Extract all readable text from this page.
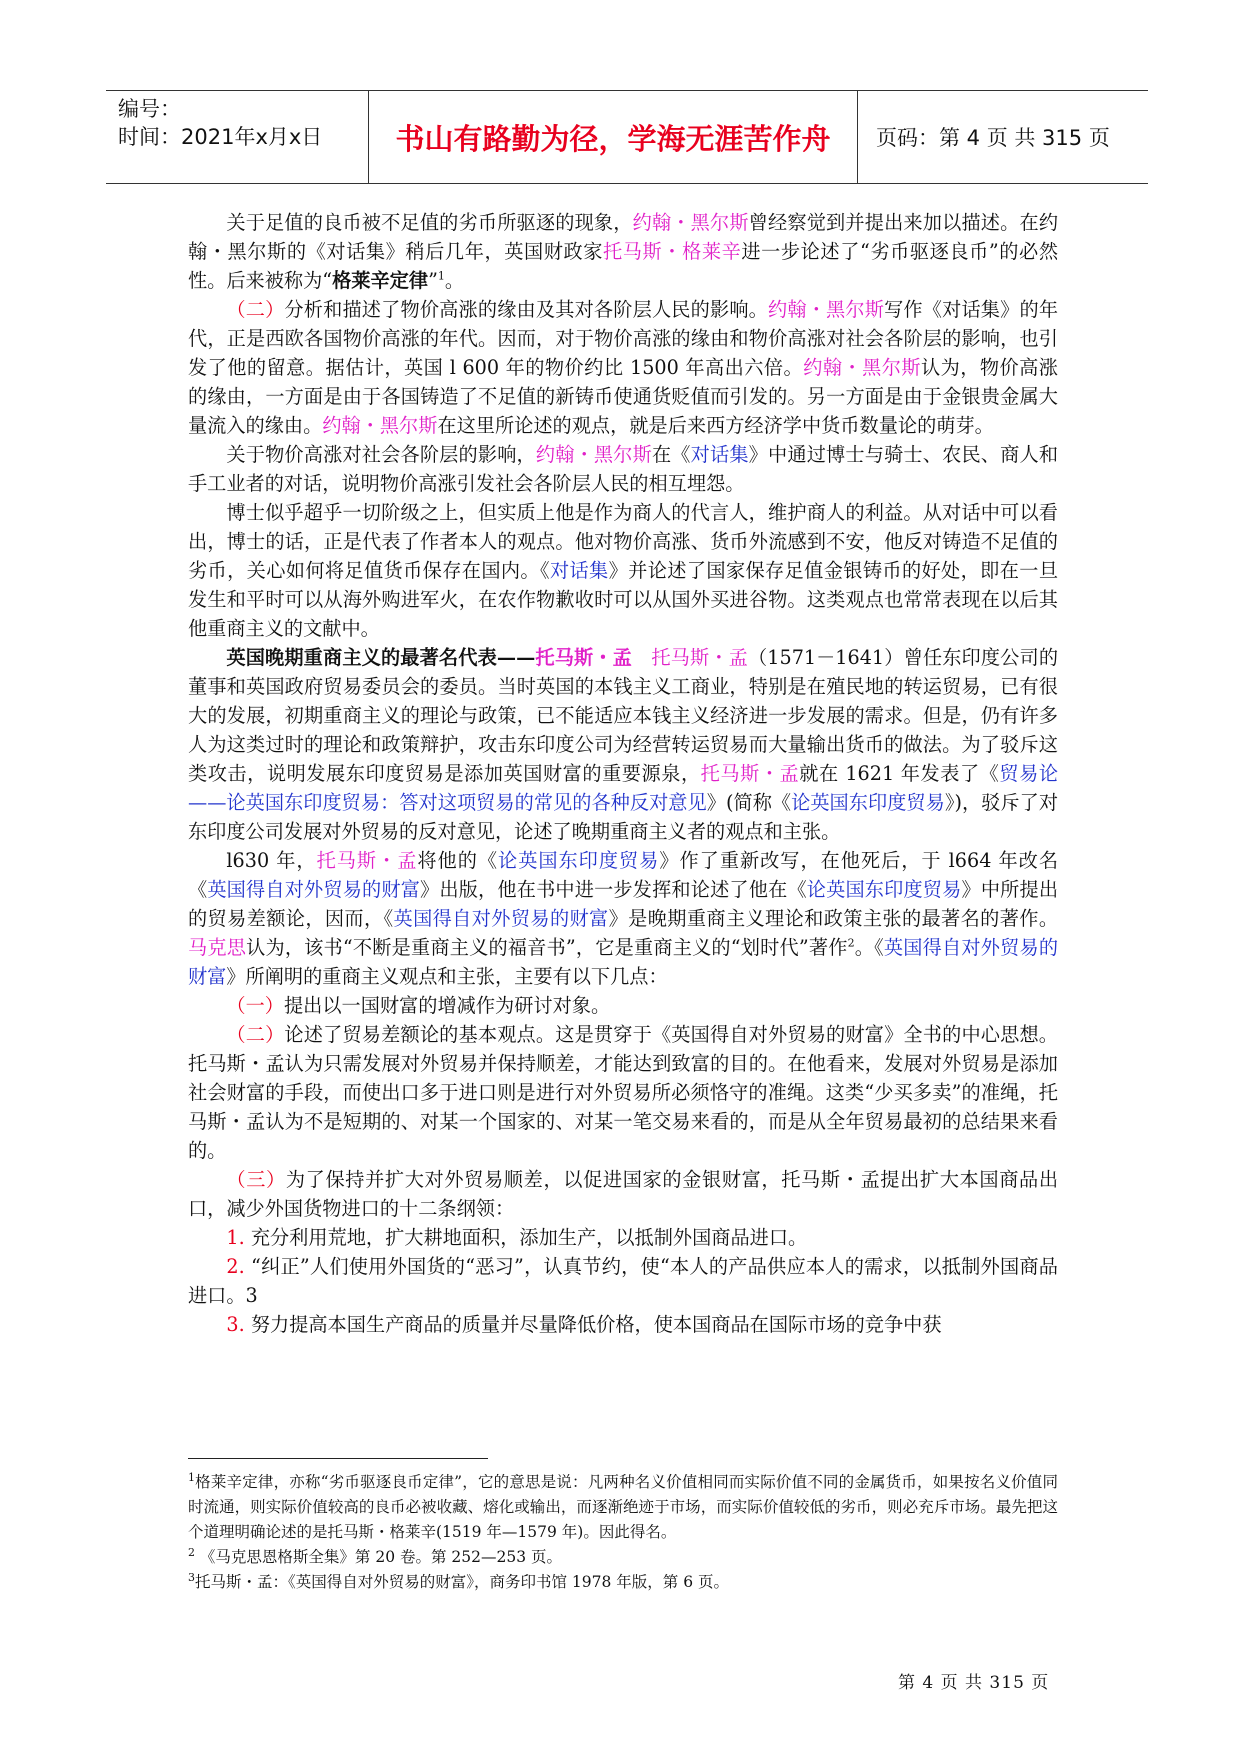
编号：
时间：2021年x月x日	书山有路勤为径，学海无涯苦作舟	页码：第 4 页 共 315 页

关于足值的良币被不足值的劣币所驱逐的现象，约翰・黑尔斯曾经察觉到并提出来加以描述。在约翰・黑尔斯的《对话集》稍后几年，英国财政家托马斯・格莱辛进一步论述了“劣币驱逐良币”的必然性。后来被称为“格莱辛定律”$^1$。

（二）分析和描述了物价高涨的缘由及其对各阶层人民的影响。约翰・黑尔斯写作《对话集》的年代，正是西欧各国物价高涨的年代。因而，对于物价高涨的缘由和物价高涨对社会各阶层的影响，也引发了他的留意。据估计，英国 l 600 年的物价约比 1500 年高出六倍。约翰・黑尔斯认为，物价高涨的缘由，一方面是由于各国铸造了不足值的新铸币使通货贬值而引发的。另一方面是由于金银贵金属大量流入的缘由。约翰・黑尔斯在这里所论述的观点，就是后来西方经济学中货币数量论的萌芽。

关于物价高涨对社会各阶层的影响，约翰・黑尔斯在《对话集》中通过博士与骑士、农民、商人和手工业者的对话，说明物价高涨引发社会各阶层人民的相互埋怨。

博士似乎超乎一切阶级之上，但实质上他是作为商人的代言人，维护商人的利益。从对话中可以看出，博士的话，正是代表了作者本人的观点。他对物价高涨、货币外流感到不安，他反对铸造不足值的劣币，关心如何将足值货币保存在国内。《对话集》并论述了国家保存足值金银铸币的好处，即在一旦发生和平时可以从海外购进军火，在农作物歉收时可以从国外买进谷物。这类观点也常常表现在以后其他重商主义的文献中。

英国晚期重商主义的最著名代表——托马斯・孟　 托马斯・孟（1571－1641）曾任东印度公司的董事和英国政府贸易委员会的委员。当时英国的本钱主义工商业，特别是在殖民地的转运贸易，已有很大的发展，初期重商主义的理论与政策，已不能适应本钱主义经济进一步发展的需求。但是，仍有许多人为这类过时的理论和政策辩护，攻击东印度公司为经营转运贸易而大量输出货币的做法。为了驳斥这类攻击，说明发展东印度贸易是添加英国财富的重要源泉，托马斯・孟就在 1621 年发表了《贸易论——论英国东印度贸易：答对这项贸易的常见的各种反对意见》(简称《论英国东印度贸易》)，驳斥了对东印度公司发展对外贸易的反对意见，论述了晚期重商主义者的观点和主张。

l630 年，托马斯・孟将他的《论英国东印度贸易》作了重新改写，在他死后，于 l664 年改名《英国得自对外贸易的财富》出版，他在书中进一步发挥和论述了他在《论英国东印度贸易》中所提出的贸易差额论，因而，《英国得自对外贸易的财富》是晚期重商主义理论和政策主张的最著名的著作。马克思认为，该书“不断是重商主义的福音书”，它是重商主义的“划时代”著作$^2$。《英国得自对外贸易的财富》所阐明的重商主义观点和主张，主要有以下几点：

（一）提出以一国财富的增减作为研讨对象。

（二）论述了贸易差额论的基本观点。这是贯穿于《英国得自对外贸易的财富》全书的中心思想。托马斯・孟认为只需发展对外贸易并保持顺差，才能达到致富的目的。在他看来，发展对外贸易是添加社会财富的手段，而使出口多于进口则是进行对外贸易所必须恪守的准绳。这类“少买多卖”的准绳，托马斯・孟认为不是短期的、对某一个国家的、对某一笔交易来看的，而是从全年贸易最初的总结果来看的。

（三）为了保持并扩大对外贸易顺差，以促进国家的金银财富，托马斯・孟提出扩大本国商品出口，减少外国货物进口的十二条纲领：

1. 充分利用荒地，扩大耕地面积，添加生产，以抵制外国商品进口。

2. “纠正”人们使用外国货的“恶习”，认真节约，使“本人的产品供应本人的需求，以抵制外国商品进口。3

3. 努力提高本国生产商品的质量并尽量降低价格，使本国商品在国际市场的竞争中获

$^1$格莱辛定律，亦称“劣币驱逐良币定律”，它的意思是说：凡两种名义价值相同而实际价值不同的金属货币，如果按名义价值同时流通，则实际价值较高的良币必被收藏、熔化或输出，而逐渐绝迹于市场，而实际价值较低的劣币，则必充斥市场。最先把这个道理明确论述的是托马斯・格莱辛(1519 年—1579 年)。因此得名。

$^2$ 《马克思恩格斯全集》第 20 卷。第 252—253 页。

$^3$托马斯・孟：《英国得自对外贸易的财富》，商务印书馆 1978 年版，第 6 页。

第 4 页 共 315 页
